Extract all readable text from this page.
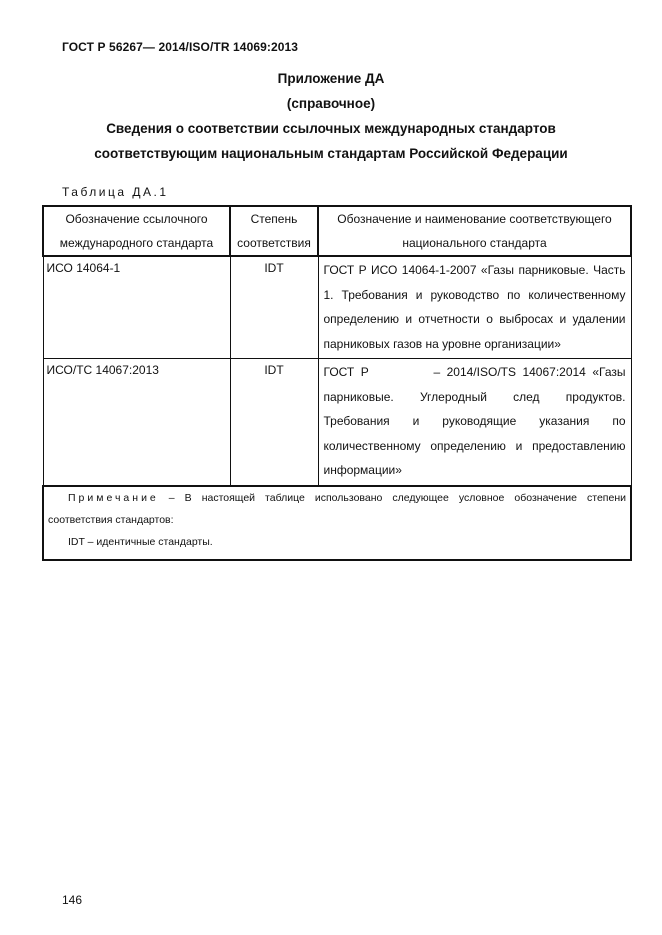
ГОСТ Р 56267— 2014/ISO/TR 14069:2013
Приложение ДА
(справочное)
Сведения о соответствии ссылочных международных стандартов
соответствующим национальным стандартам Российской Федерации
Таблица ДА.1
Обозначение ссылочного международного стандарта	Степень соответствия	Обозначение и наименование соответствующего национального стандарта
ИСО 14064-1	IDT	ГОСТ Р ИСО 14064-1-2007 «Газы парниковые. Часть 1. Требования и руководство по количественному определению и отчетности о выбросах и удалении парниковых газов на уровне организации»
ИСО/ТС 14067:2013	IDT	ГОСТ Р          – 2014/ISO/TS 14067:2014 «Газы парниковые. Углеродный след продуктов. Требования и руководящие указания по количественному определению и предоставлению информации»

Примечание – В настоящей таблице использовано следующее условное обозначение степени соответствия стандартов:
IDT – идентичные стандарты.		
146
